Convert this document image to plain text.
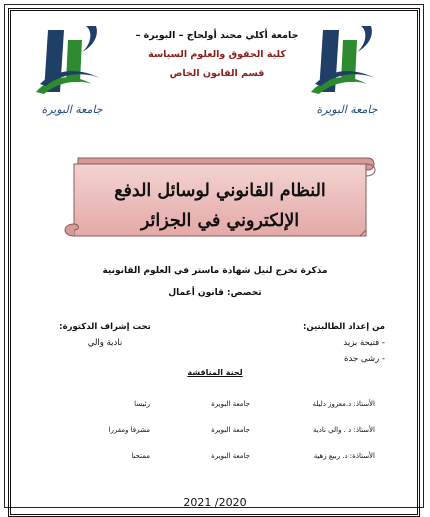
جامعة البويرة	جامعة البويرة
جامعة أكلي محند أولحاج – البويرة –
كلية الحقوق والعلوم السياسة
قسم القانون الخاص
النظام القانوني لوسائل الدفع
الإلكتروني في الجزائر
مذكرة تخرج لنيل شهادة ماستر في العلوم القانونية
تخصص: قانون أعمال
من إعداد الطالبتين:
- فتيحة بزيد
- رشى جدة
تحت إشراف الدكتورة:
نادية والي
لجنة المناقشة
الأستاذ: د.معزوز دليلةجامعة البويرةرئيسا
الأستاذ: د . والي ناديةجامعة البويرةمشرفا ومقررا
الأستاذة: د. ربيع زهيةجامعة البويرةممتحنا
2021 /2020
